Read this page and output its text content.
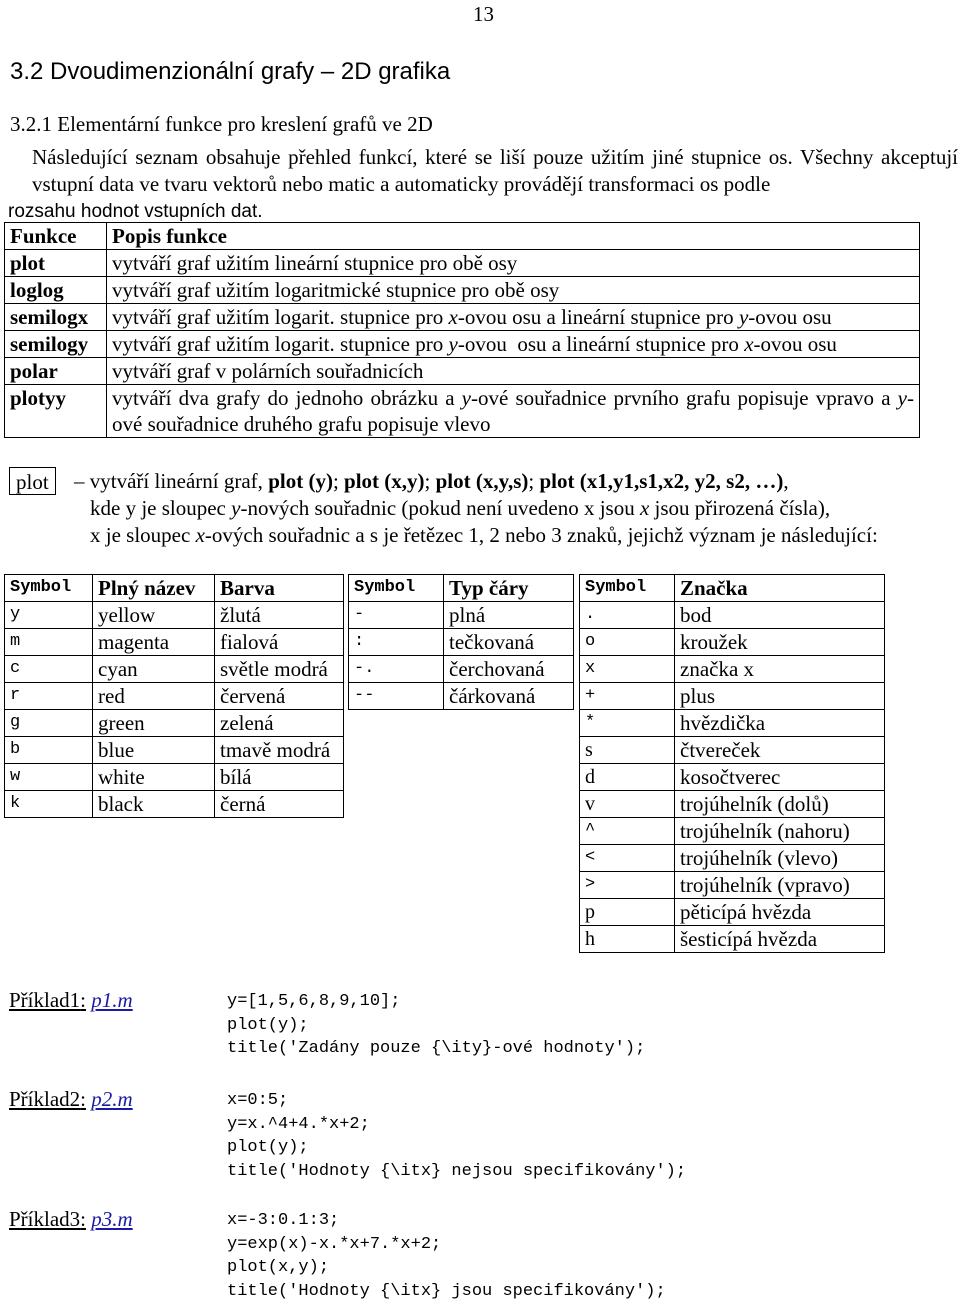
13
3.2 Dvoudimenzionální grafy – 2D grafika
3.2.1 Elementární funkce pro kreslení grafů ve 2D
Následující seznam obsahuje přehled funkcí, které se liší pouze užitím jiné stupnice os. Všechny akceptují vstupní data ve tvaru vektorů nebo matic a automaticky provádějí transformaci os podle
rozsahu hodnot vstupních dat.
Funkce	Popis funkce
plot	vytváří graf užitím lineární stupnice pro obě osy
loglog	vytváří graf užitím logaritmické stupnice pro obě osy
semilogx	vytváří graf užitím logarit. stupnice pro x-ovou osu a lineární stupnice pro y-ovou osu
semilogy	vytváří graf užitím logarit. stupnice pro y-ovou  osu a lineární stupnice pro x-ovou osu
polar	vytváří graf v polárních souřadnicích
plotyy	vytváří dva grafy do jednoho obrázku a y-ové souřadnice prvního grafu popisuje vpravo a y-ové souřadnice druhého grafu popisuje vlevo
plot	– vytváří lineární graf, plot (y); plot (x,y); plot (x,y,s); plot (x1,y1,s1,x2, y2, s2, …),
kde y je sloupec y-nových souřadnic (pokud není uvedeno x jsou x jsou přirozená čísla),
x je sloupec x-ových souřadnic a s je řetězec 1, 2 nebo 3 znaků, jejichž význam je následující:
Symbol	Plný název	Barva
y	yellow	žlutá
m	magenta	fialová
c	cyan	světle modrá
r	red	červená
g	green	zelená
b	blue	tmavě modrá
w	white	bílá
k	black	černá
Symbol	Typ čáry
-	plná
:	tečkovaná
-.	čerchovaná
--	čárkovaná
Symbol	Značka
.	bod
o	kroužek
x	značka x
+	plus
*	hvězdička
s	čtvereček
d	kosočtverec
v	trojúhelník (dolů)
^	trojúhelník (nahoru)
<	trojúhelník (vlevo)
>	trojúhelník (vpravo)
p	pěticípá hvězda
h	šesticípá hvězda
Příklad1: p1.m	y=[1,5,6,8,9,10];
plot(y);
title('Zadány pouze {\ity}-ové hodnoty');
Příklad2: p2.m	x=0:5;
y=x.^4+4.*x+2;
plot(y);
title('Hodnoty {\itx} nejsou specifikovány');
Příklad3: p3.m	x=-3:0.1:3;
y=exp(x)-x.*x+7.*x+2;
plot(x,y);
title('Hodnoty {\itx} jsou specifikovány');
